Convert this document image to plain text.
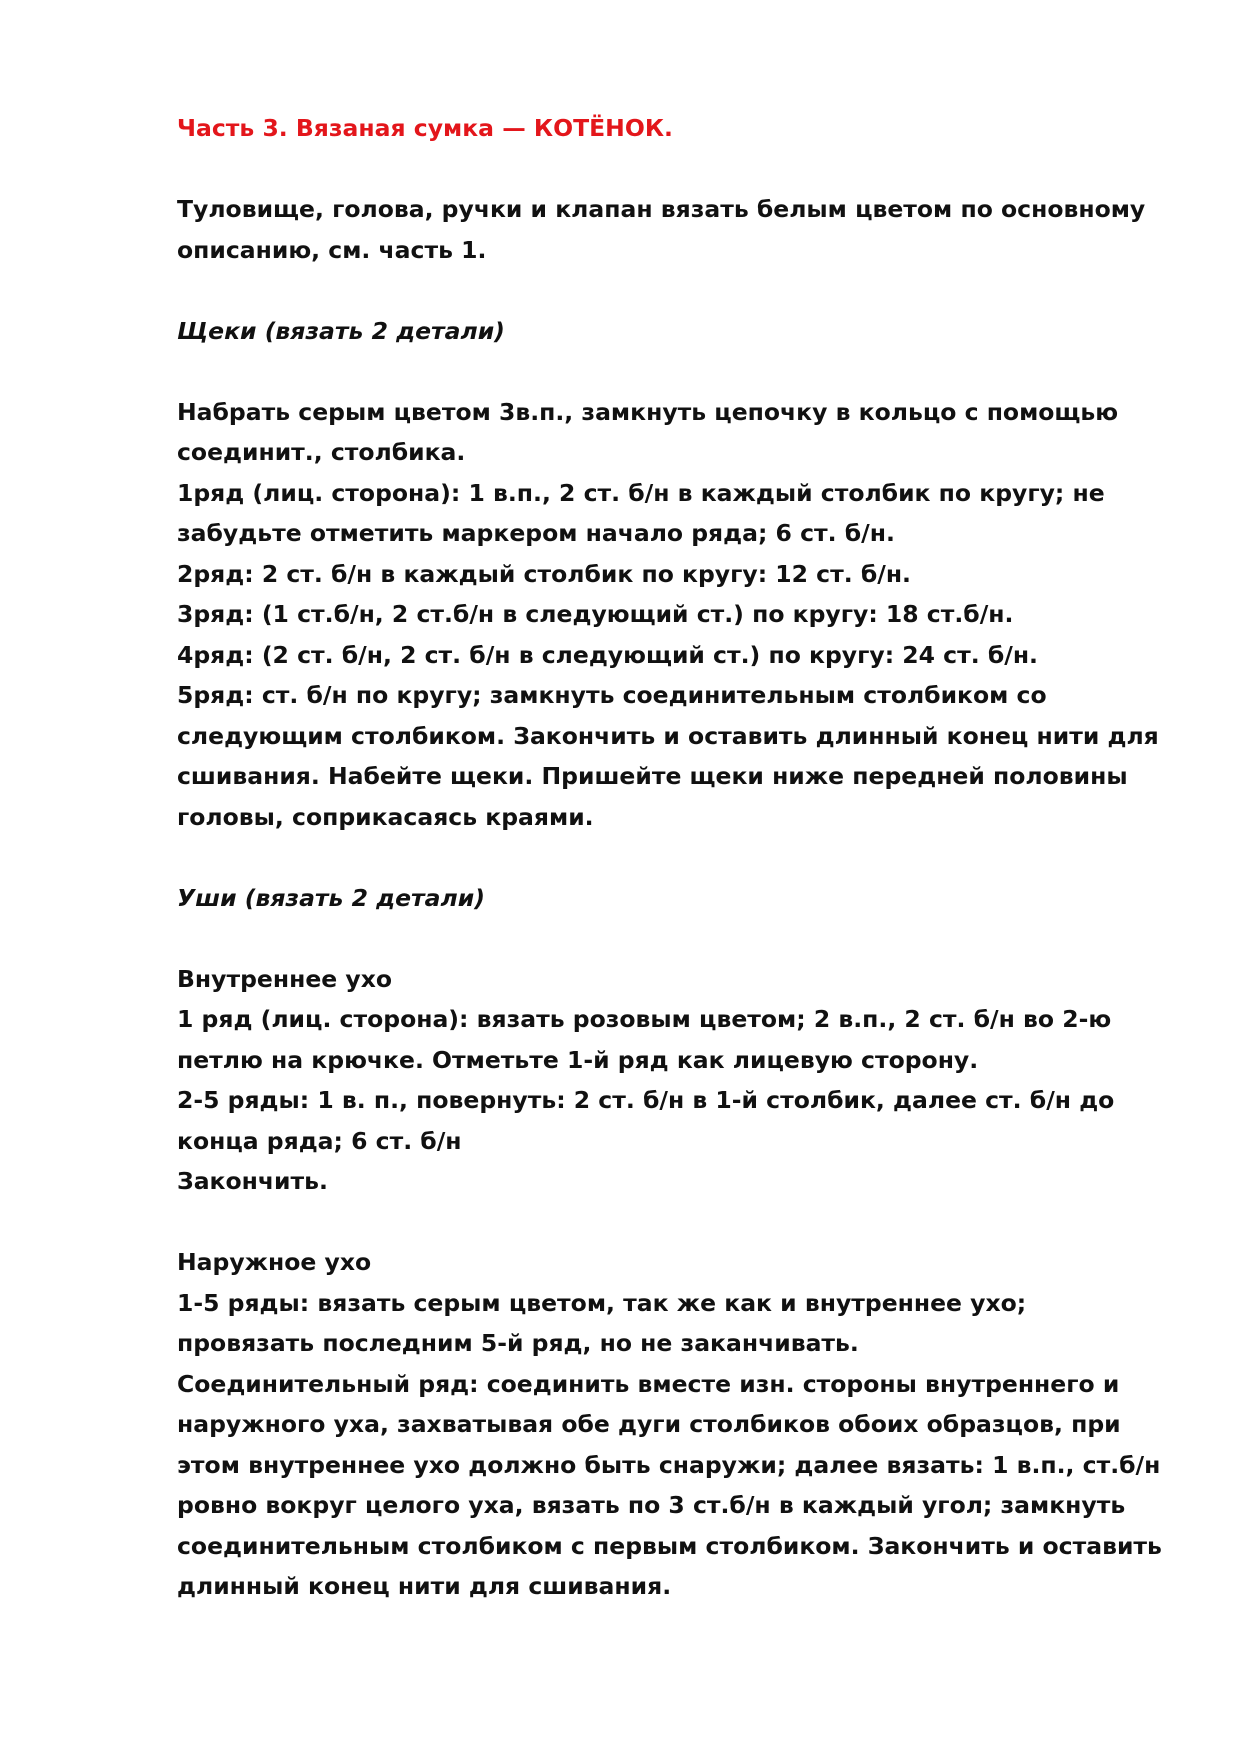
Часть 3. Вязаная сумка — КОТЁНОК.

Туловище, голова, ручки и клапан вязать белым цветом по основному описанию, см. часть 1.

Щеки (вязать 2 детали)

Набрать серым цветом 3в.п., замкнуть цепочку в кольцо с помощью соединит., столбика.

1ряд (лиц. сторона): 1 в.п., 2 ст. б/н в каждый столбик по кругу; не забудьте отметить маркером начало ряда; 6 ст. б/н.

2ряд: 2 ст. б/н в каждый столбик по кругу: 12 ст. б/н.

3ряд: (1 ст.б/н, 2 ст.б/н в следующий ст.) по кругу: 18 ст.б/н.

4ряд: (2 ст. б/н, 2 ст. б/н в следующий ст.) по кругу: 24 ст. б/н.

5ряд: ст. б/н по кругу; замкнуть соединительным столбиком со следующим столбиком. Закончить и оставить длинный конец нити для сшивания. Набейте щеки. Пришейте щеки ниже передней половины головы, соприкасаясь краями.

Уши (вязать 2 детали)

Внутреннее ухо

1 ряд (лиц. сторона): вязать розовым цветом; 2 в.п., 2 ст. б/н во 2-ю петлю на крючке. Отметьте 1-й ряд как лицевую сторону.

2-5 ряды: 1 в. п., повернуть: 2 ст. б/н в 1-й столбик, далее ст. б/н до конца ряда; 6 ст. б/н

Закончить.

Наружное ухо

1-5 ряды: вязать серым цветом, так же как и внутреннее ухо; провязать последним 5-й ряд, но не заканчивать.

Соединительный ряд: соединить вместе изн. стороны внутреннего и наружного уха, захватывая обе дуги столбиков обоих образцов, при этом внутреннее ухо должно быть снаружи; далее вязать: 1 в.п., ст.б/н ровно вокруг целого уха, вязать по 3 ст.б/н в каждый угол; замкнуть соединительным столбиком с первым столбиком. Закончить и оставить длинный конец нити для сшивания.
